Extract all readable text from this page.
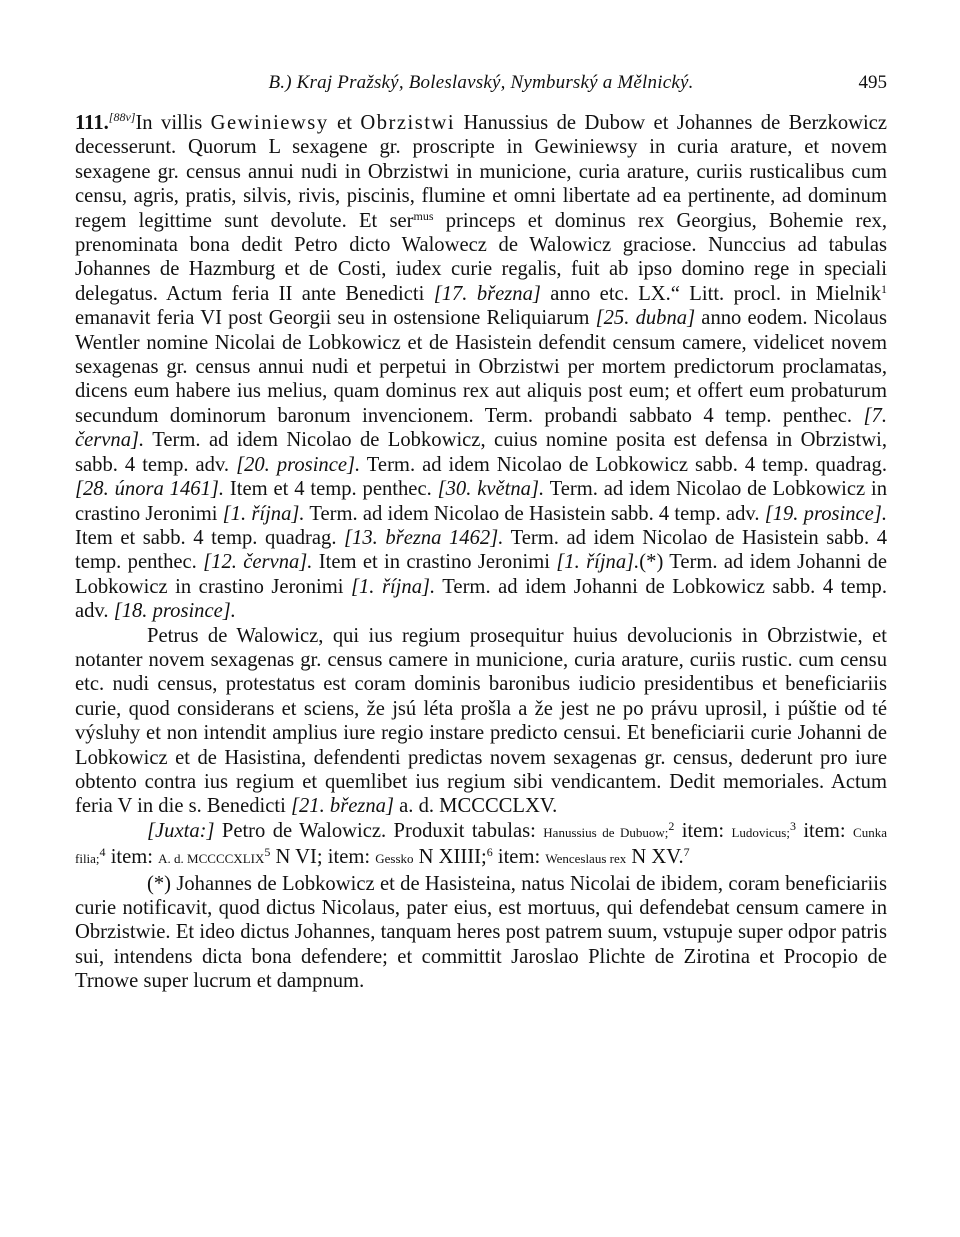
B.) Kraj Pražský, Boleslavský, Nymburský a Mělnický.	495

111.[88v]In villis Gewiniewsy et Obrzistwi Hanussius de Dubow et Johannes de Berzkowicz decesserunt. Quorum L sexagene gr. proscripte in Gewiniewsy in curia arature, et novem sexagene gr. census annui nudi in Obrzistwi in municione, curia arature, curiis rusticalibus cum censu, agris, pratis, silvis, rivis, piscinis, flumine et omni libertate ad ea pertinente, ad dominum regem legittime sunt devolute. Et ser$^{mus}$ princeps et dominus rex Georgius, Bohemie rex, prenominata bona dedit Petro dicto Walowecz de Walowicz graciose. Nunccius ad tabulas Johannes de Hazmburg et de Costi, iudex curie regalis, fuit ab ipso domino rege in speciali delegatus. Actum feria II ante Benedicti [17. března] anno etc. LX.“ Litt. procl. in Mielnik$^1$ emanavit feria VI post Georgii seu in ostensione Reliquiarum [25. dubna] anno eodem. Nicolaus Wentler nomine Nicolai de Lobkowicz et de Hasistein defendit censum camere, videlicet novem sexagenas gr. census annui nudi et perpetui in Obrzistwi per mortem predictorum proclamatas, dicens eum habere ius melius, quam dominus rex aut aliquis post eum; et offert eum probaturum secundum dominorum baronum invencionem. Term. probandi sabbato 4 temp. penthec. [7. června]. Term. ad idem Nicolao de Lobkowicz, cuius nomine posita est defensa in Obrzistwi, sabb. 4 temp. adv. [20. prosince]. Term. ad idem Nicolao de Lobkowicz sabb. 4 temp. quadrag. [28. února 1461]. Item et 4 temp. penthec. [30. května]. Term. ad idem Nicolao de Lobkowicz in crastino Jeronimi [1. října]. Term. ad idem Nicolao de Hasistein sabb. 4 temp. adv. [19. prosince]. Item et sabb. 4 temp. quadrag. [13. března 1462]. Term. ad idem Nicolao de Hasistein sabb. 4 temp. penthec. [12. června]. Item et in crastino Jeronimi [1. října].(*) Term. ad idem Johanni de Lobkowicz in crastino Jeronimi [1. října]. Term. ad idem Johanni de Lobkowicz sabb. 4 temp. adv. [18. prosince].

Petrus de Walowicz, qui ius regium prosequitur huius devolucionis in Obrzistwie, et notanter novem sexagenas gr. census camere in municione, curia arature, curiis rustic. cum censu etc. nudi census, protestatus est coram dominis baronibus iudicio presidentibus et beneficiariis curie, quod considerans et sciens, že jsú léta prošla a že jest ne po právu uprosil, i púštie od té výsluhy et non intendit amplius iure regio instare predicto censui. Et beneficiarii curie Johanni de Lobkowicz et de Hasistina, defendenti predictas novem sexagenas gr. census, dederunt pro iure obtento contra ius regium et quemlibet ius regium sibi vendicantem. Dedit memoriales. Actum feria V in die s. Benedicti [21. března] a. d. MCCCCLXV.

[Juxta:] Petro de Walowicz. Produxit tabulas: Hanussius de Dubuow;$^2$ item: Ludovicus;$^3$ item: Cunka filia;$^4$ item: A. d. MCCCCXLIX$^5$ N VI; item: Gessko N XIIII;$^6$ item: Wenceslaus rex N XV.$^7$

(*) Johannes de Lobkowicz et de Hasisteina, natus Nicolai de ibidem, coram beneficiariis curie notificavit, quod dictus Nicolaus, pater eius, est mortuus, qui defendebat censum camere in Obrzistwie. Et ideo dictus Johannes, tanquam heres post patrem suum, vstupuje super odpor patris sui, intendens dicta bona defendere; et committit Jaroslao Plichte de Zirotina et Procopio de Trnowe super lucrum et dampnum.
